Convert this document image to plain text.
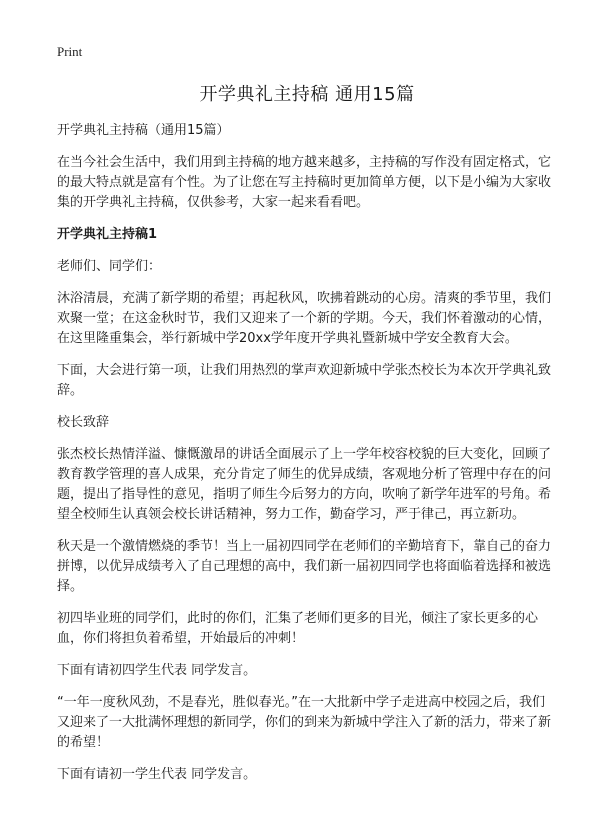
Print
开学典礼主持稿 通用15篇

开学典礼主持稿（通用15篇）

在当今社会生活中，我们用到主持稿的地方越来越多，主持稿的写作没有固定格式，它的最大特点就是富有个性。为了让您在写主持稿时更加简单方便，以下是小编为大家收集的开学典礼主持稿，仅供参考，大家一起来看看吧。

开学典礼主持稿1

老师们、同学们：

沐浴清晨，充满了新学期的希望；再起秋风，吹拂着跳动的心房。清爽的季节里，我们欢聚一堂；在这金秋时节，我们又迎来了一个新的学期。今天，我们怀着激动的心情，在这里隆重集会，举行新城中学20xx学年度开学典礼暨新城中学安全教育大会。

下面，大会进行第一项，让我们用热烈的掌声欢迎新城中学张杰校长为本次开学典礼致辞。

校长致辞

张杰校长热情洋溢、慷慨激昂的讲话全面展示了上一学年校容校貌的巨大变化，回顾了教育教学管理的喜人成果，充分肯定了师生的优异成绩，客观地分析了管理中存在的问题，提出了指导性的意见，指明了师生今后努力的方向，吹响了新学年进军的号角。希望全校师生认真领会校长讲话精神，努力工作，勤奋学习，严于律己，再立新功。

秋天是一个激情燃烧的季节！当上一届初四同学在老师们的辛勤培育下，靠自己的奋力拼博，以优异成绩考入了自己理想的高中，我们新一届初四同学也将面临着选择和被选择。

初四毕业班的同学们，此时的你们，汇集了老师们更多的目光，倾注了家长更多的心血，你们将担负着希望，开始最后的冲刺！

下面有请初四学生代表 同学发言。

“一年一度秋风劲，不是春光，胜似春光。”在一大批新中学子走进高中校园之后，我们又迎来了一大批满怀理想的新同学，你们的到来为新城中学注入了新的活力，带来了新的希望！

下面有请初一学生代表 同学发言。
